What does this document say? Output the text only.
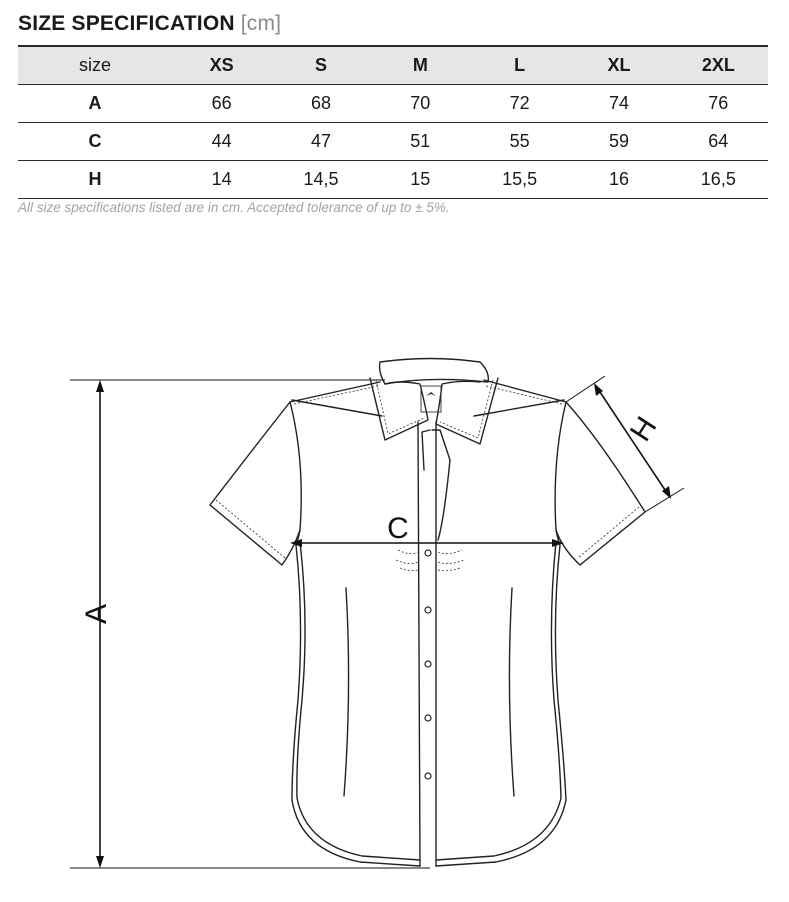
SIZE SPECIFICATION [cm]
size	XS	S	M	L	XL	2XL
A	66	68	70	72	74	76
C	44	47	51	55	59	64
H	14	14,5	15	15,5	16	16,5
All size specifications listed are in cm. Accepted tolerance of up to ± 5%.
A
C
H
